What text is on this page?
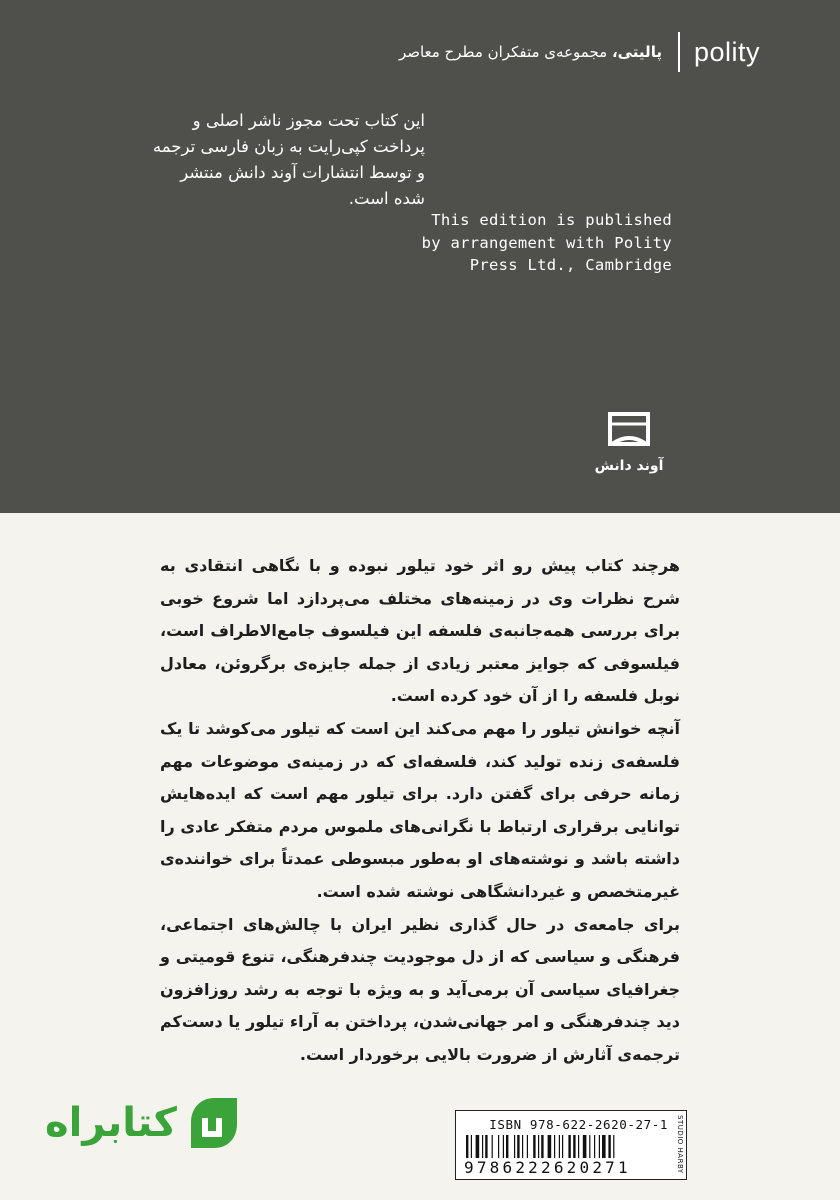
پالیتی، مجموعه‌ی متفکران مطرح معاصر	polity
این کتاب تحت مجوز ناشر اصلی و
پرداخت کپی‌رایت به زبان فارسی ترجمه
و توسط انتشارات آوند دانش منتشر
شده است.
This edition is published
by arrangement with Polity
Press Ltd., Cambridge
آوند دانش

هرچند کتاب پیش رو اثر خود تیلور نبوده و با نگاهی انتقادی به شرح نظرات وی در زمینه‌های مختلف می‌پردازد اما شروع خوبی برای بررسی همه‌جانبه‌ی فلسفه این فیلسوف جامع‌الاطراف است، فیلسوفی که جوایز معتبر زیادی از جمله جایزه‌ی برگروئن، معادل نوبل فلسفه را از آن خود کرده است.

آنچه خوانش تیلور را مهم می‌کند این است که تیلور می‌کوشد تا یک فلسفه‌ی زنده تولید کند، فلسفه‌ای که در زمینه‌ی موضوعات مهم زمانه حرفی برای گفتن دارد. برای تیلور مهم است که ایده‌هایش توانایی برقراری ارتباط با نگرانی‌های ملموس مردم متفکر عادی را داشته باشد و نوشته‌های او به‌طور مبسوطی عمدتاً برای خواننده‌ی غیرمتخصص و غیردانشگاهی نوشته شده است.

برای جامعه‌ی در حال گذاری نظیر ایران با چالش‌های اجتماعی، فرهنگی و سیاسی که از دل موجودیت چندفرهنگی، تنوع قومیتی و جغرافیای سیاسی آن برمی‌آید و به ویژه با توجه به رشد روزافزون دید چندفرهنگی و امر جهانی‌شدن، پرداختن به آراء تیلور یا دست‌کم ترجمه‌ی آثارش از ضرورت بالایی برخوردار است.

کتابراه	ISBN 978-622-2620-27-1
9786222620271	STUDIO HARBY
